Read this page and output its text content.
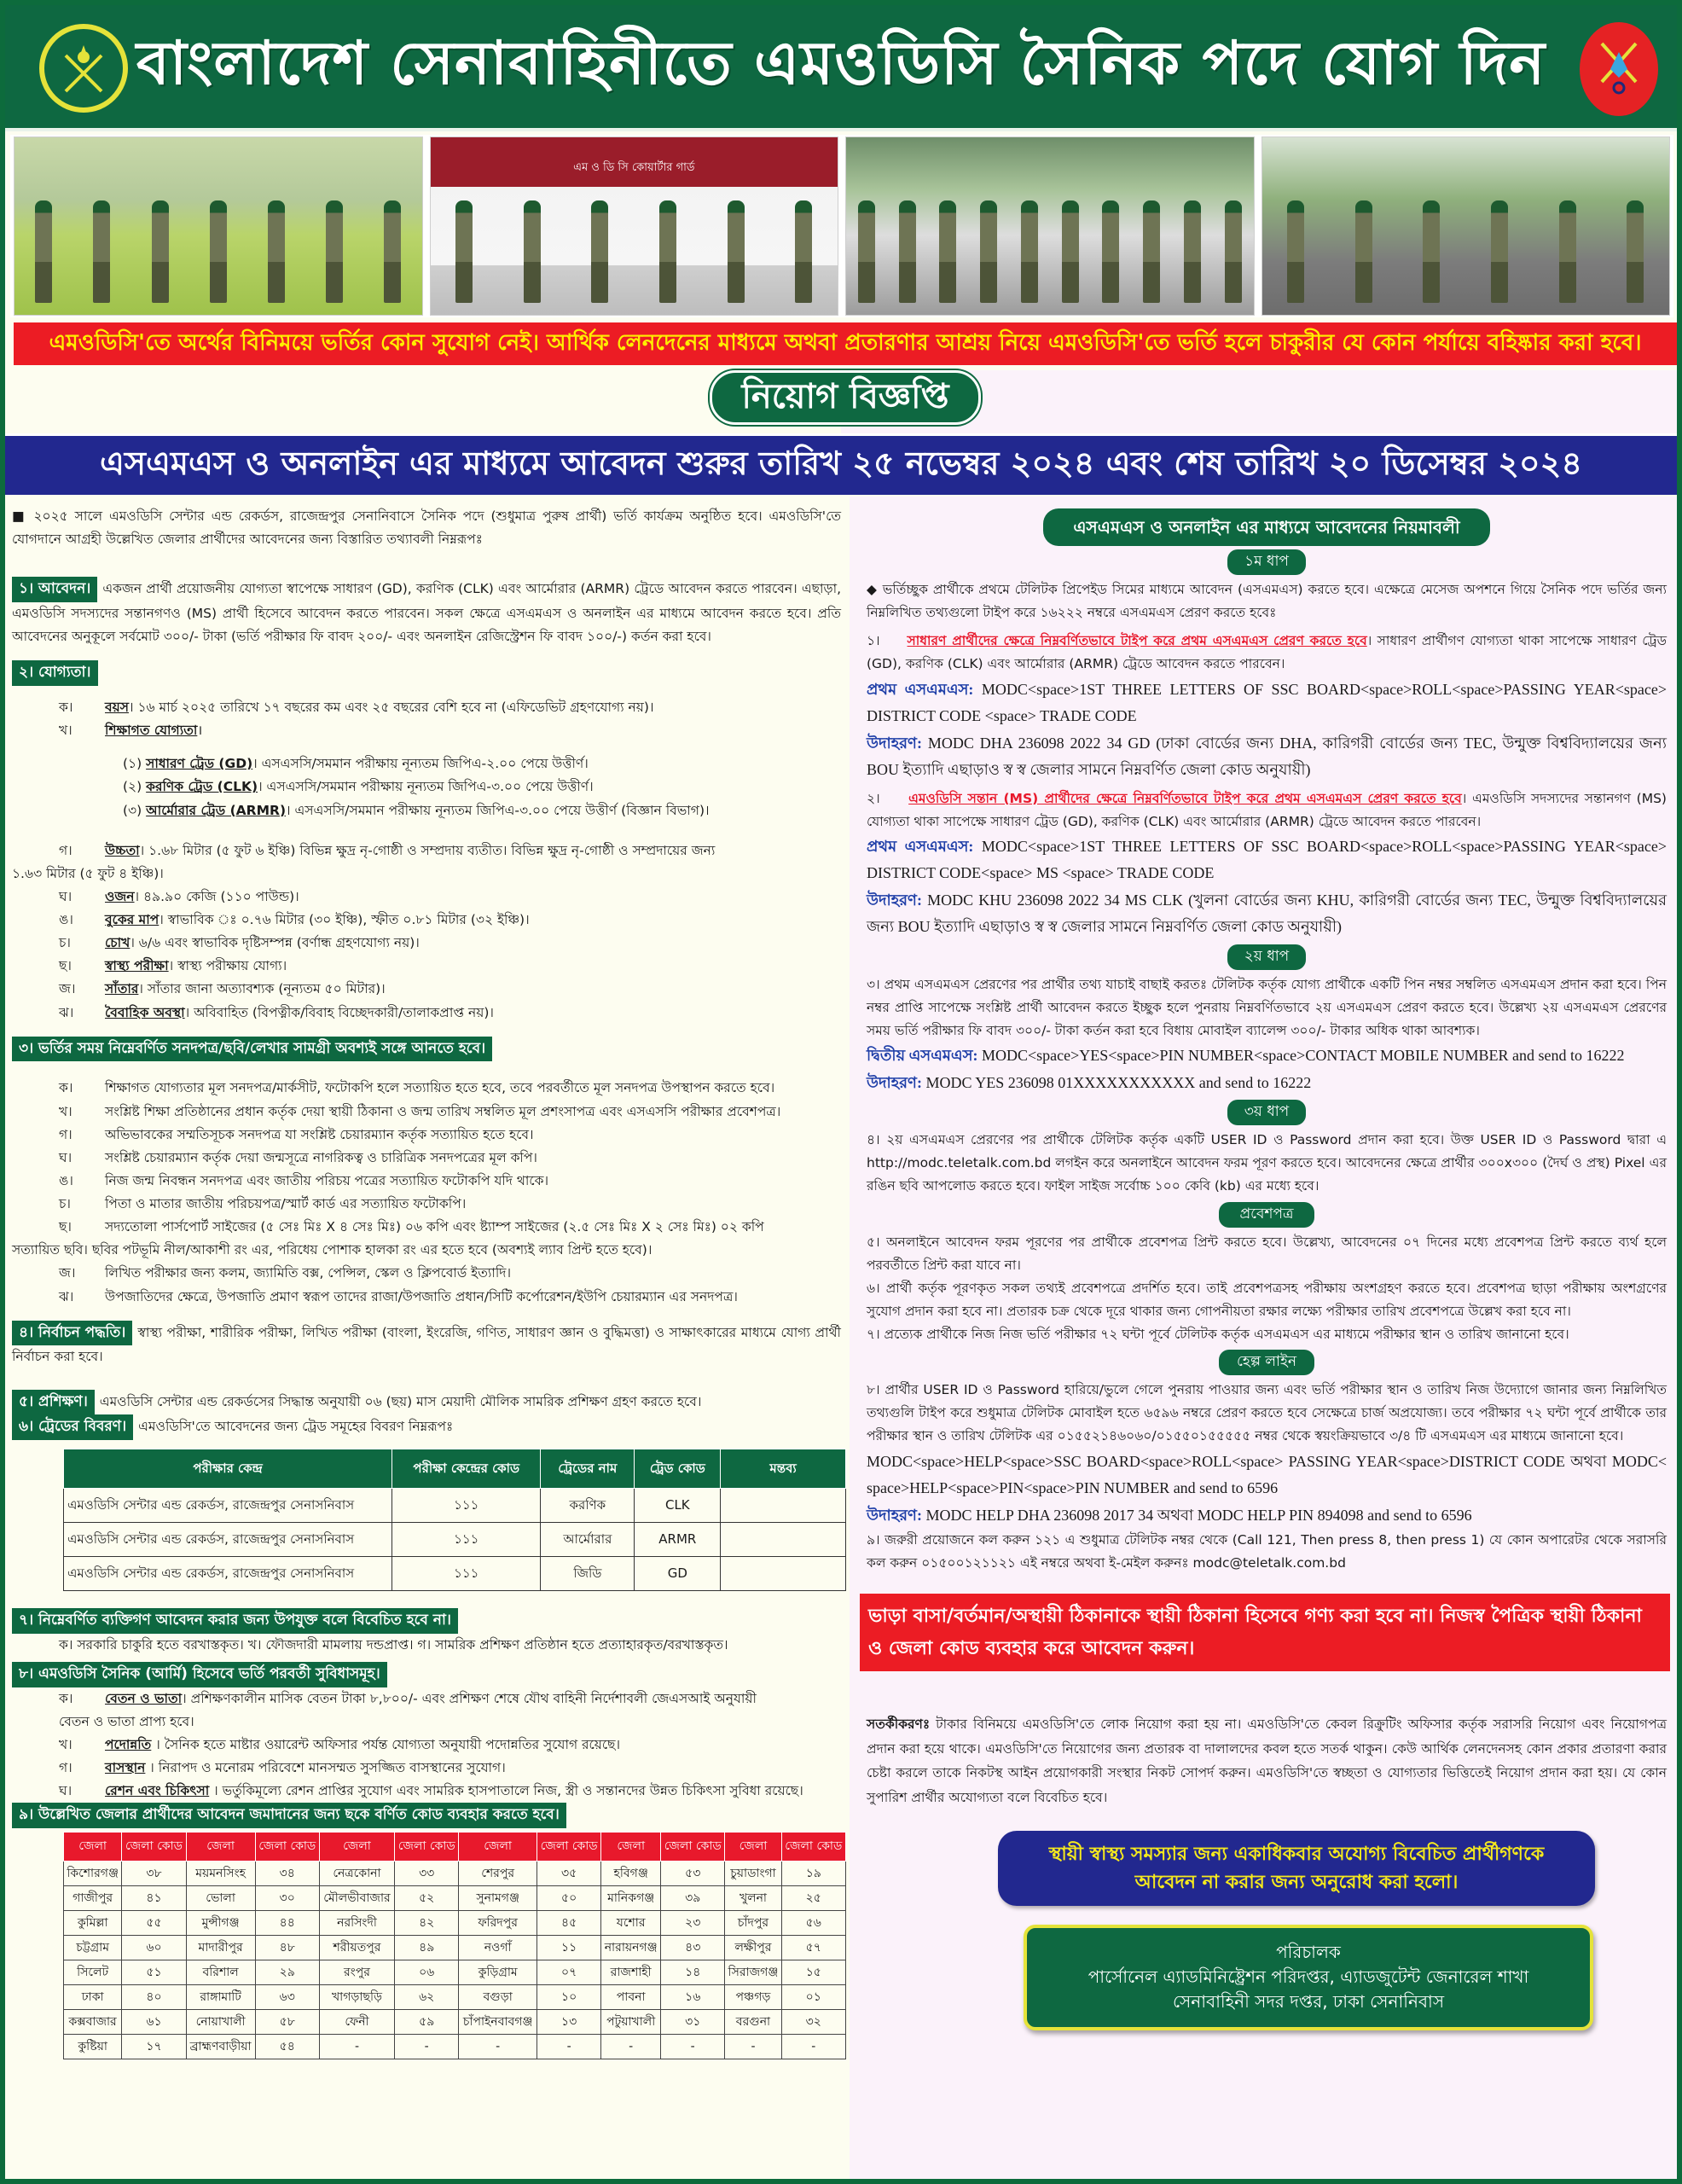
বাংলাদেশ সেনাবাহিনীতে এমওডিসি সৈনিক পদে যোগ দিন
এম ও ডি সি কোয়ার্টার গার্ড
এমওডিসি'তে অর্থের বিনিময়ে ভর্তির কোন সুযোগ নেই। আর্থিক লেনদেনের মাধ্যমে অথবা প্রতারণার আশ্রয় নিয়ে এমওডিসি'তে ভর্তি হলে চাকুরীর যে কোন পর্যায়ে বহিষ্কার করা হবে।
নিয়োগ বিজ্ঞপ্তি
এসএমএস ও অনলাইন এর মাধ্যমে আবেদন শুরুর তারিখ ২৫ নভেম্বর ২০২৪ এবং শেষ তারিখ ২০ ডিসেম্বর ২০২৪

■ ২০২৫ সালে এমওডিসি সেন্টার এন্ড রেকর্ডস, রাজেন্দ্রপুর সেনানিবাসে সৈনিক পদে (শুধুমাত্র পুরুষ প্রার্থী) ভর্তি কার্যক্রম অনুষ্ঠিত হবে। এমওডিসি'তে যোগদানে আগ্রহী উল্লেখিত জেলার প্রার্থীদের আবেদনের জন্য বিস্তারিত তথ্যাবলী নিম্নরূপঃ

১। আবেদন। একজন প্রার্থী প্রয়োজনীয় যোগ্যতা স্বাপেক্ষে সাধারণ (GD), করণিক (CLK) এবং আর্মোরার (ARMR) ট্রেডে আবেদন করতে পারবেন। এছাড়া, এমওডিসি সদস্যদের সন্তানগণও (MS) প্রার্থী হিসেবে আবেদন করতে পারবেন। সকল ক্ষেত্রে এসএমএস ও অনলাইন এর মাধ্যমে আবেদন করতে হবে। প্রতি আবেদনের অনুকূলে সর্বমোট ৩০০/- টাকা (ভর্তি পরীক্ষার ফি বাবদ ২০০/- এবং অনলাইন রেজিস্ট্রেশন ফি বাবদ ১০০/-) কর্তন করা হবে।

২। যোগ্যতা।
ক।	বয়স। ১৬ মার্চ ২০২৫ তারিখে ১৭ বছরের কম এবং ২৫ বছরের বেশি হবে না (এফিডেভিট গ্রহণযোগ্য নয়)।
খ।	শিক্ষাগত যোগ্যতা।
(১) সাধারণ ট্রেড (GD)। এসএসসি/সমমান পরীক্ষায় নূন্যতম জিপিএ-২.০০ পেয়ে উত্তীর্ণ।
(২) করণিক ট্রেড (CLK)। এসএসসি/সমমান পরীক্ষায় নূন্যতম জিপিএ-৩.০০ পেয়ে উত্তীর্ণ।
(৩) আর্মোরার ট্রেড (ARMR)। এসএসসি/সমমান পরীক্ষায় নূন্যতম জিপিএ-৩.০০ পেয়ে উত্তীর্ণ (বিজ্ঞান বিভাগ)।
গ।	উচ্চতা। ১.৬৮ মিটার (৫ ফুট ৬ ইঞ্চি) বিভিন্ন ক্ষুদ্র নৃ-গোষ্ঠী ও সম্প্রদায় ব্যতীত। বিভিন্ন ক্ষুদ্র নৃ-গোষ্ঠী ও সম্প্রদায়ের জন্য
১.৬৩ মিটার (৫ ফুট ৪ ইঞ্চি)।
ঘ।	ওজন। ৪৯.৯০ কেজি (১১০ পাউন্ড)।
ঙ।	বুকের মাপ। স্বাভাবিক ঃ ০.৭৬ মিটার (৩০ ইঞ্চি), স্ফীত ০.৮১ মিটার (৩২ ইঞ্চি)।
চ।	চোখ। ৬/৬ এবং স্বাভাবিক দৃষ্টিসম্পন্ন (বর্ণান্ধ গ্রহণযোগ্য নয়)।
ছ।	স্বাস্থ্য পরীক্ষা। স্বাস্থ্য পরীক্ষায় যোগ্য।
জ।	সাঁতার। সাঁতার জানা অত্যাবশ্যক (নূন্যতম ৫০ মিটার)।
ঝ।	বৈবাহিক অবস্থা। অবিবাহিত (বিপত্নীক/বিবাহ বিচ্ছেদকারী/তালাকপ্রাপ্ত নয়)।
৩। ভর্তির সময় নিম্নেবর্ণিত সনদপত্র/ছবি/লেখার সামগ্রী অবশ্যই সঙ্গে আনতে হবে।
ক।	শিক্ষাগত যোগ্যতার মূল সনদপত্র/মার্কসীট, ফটোকপি হলে সত্যায়িত হতে হবে, তবে পরবর্তীতে মূল সনদপত্র উপস্থাপন করতে হবে।
খ।	সংশ্লিষ্ট শিক্ষা প্রতিষ্ঠানের প্রধান কর্তৃক দেয়া স্থায়ী ঠিকানা ও জন্ম তারিখ সম্বলিত মূল প্রশংসাপত্র এবং এসএসসি পরীক্ষার প্রবেশপত্র।
গ।	অভিভাবকের সম্মতিসূচক সনদপত্র যা সংশ্লিষ্ট চেয়ারম্যান কর্তৃক সত্যায়িত হতে হবে।
ঘ।	সংশ্লিষ্ট চেয়ারম্যান কর্তৃক দেয়া জন্মসূত্রে নাগরিকত্ব ও চারিত্রিক সনদপত্রের মূল কপি।
ঙ।	নিজ জন্ম নিবন্ধন সনদপত্র এবং জাতীয় পরিচয় পত্রের সত্যায়িত ফটোকপি যদি থাকে।
চ।	পিতা ও মাতার জাতীয় পরিচয়পত্র/স্মার্ট কার্ড এর সত্যায়িত ফটোকপি।
ছ।	সদ্যতোলা পার্সপোর্ট সাইজের (৫ সেঃ মিঃ X ৪ সেঃ মিঃ) ০৬ কপি এবং ষ্ট্যাম্প সাইজের (২.৫ সেঃ মিঃ X ২ সেঃ মিঃ) ০২ কপি
সত্যায়িত ছবি। ছবির পটভূমি নীল/আকাশী রং এর, পরিধেয় পোশাক হালকা রং এর হতে হবে (অবশ্যই ল্যাব প্রিন্ট হতে হবে)।
জ।	লিখিত পরীক্ষার জন্য কলম, জ্যামিতি বক্স, পেন্সিল, স্কেল ও ক্লিপবোর্ড ইত্যাদি।
ঝ।	উপজাতিদের ক্ষেত্রে, উপজাতি প্রমাণ স্বরূপ তাদের রাজা/উপজাতি প্রধান/সিটি কর্পোরেশন/ইউপি চেয়ারম্যান এর সনদপত্র।

৪। নির্বাচন পদ্ধতি। স্বাস্থ্য পরীক্ষা, শারীরিক পরীক্ষা, লিখিত পরীক্ষা (বাংলা, ইংরেজি, গণিত, সাধারণ জ্ঞান ও বুদ্ধিমত্তা) ও সাক্ষাৎকারের মাধ্যমে যোগ্য প্রার্থী নির্বাচন করা হবে।

৫। প্রশিক্ষণ। এমওডিসি সেন্টার এন্ড রেকর্ডসের সিদ্ধান্ত অনুযায়ী ০৬ (ছয়) মাস মেয়াদী মৌলিক সামরিক প্রশিক্ষণ গ্রহণ করতে হবে।

৬। ট্রেডের বিবরণ। এমওডিসি'তে আবেদনের জন্য ট্রেড সমূহের বিবরণ নিম্নরূপঃ

পরীক্ষার কেন্দ্র	পরীক্ষা কেন্দ্রের কোড	ট্রেডের নাম	ট্রেড কোড	মন্তব্য
এমওডিসি সেন্টার এন্ড রেকর্ডস, রাজেন্দ্রপুর সেনাসনিবাস	১১১	করণিক	CLK	
এমওডিসি সেন্টার এন্ড রেকর্ডস, রাজেন্দ্রপুর সেনাসনিবাস	১১১	আর্মোরার	ARMR	
এমওডিসি সেন্টার এন্ড রেকর্ডস, রাজেন্দ্রপুর সেনাসনিবাস	১১১	জিডি	GD	
৭। নিম্নেবর্ণিত ব্যক্তিগণ আবেদন করার জন্য উপযুক্ত বলে বিবেচিত হবে না।
ক। সরকারি চাকুরি হতে বরখাস্তকৃত। খ। ফৌজদারী মামলায় দন্ডপ্রাপ্ত। গ। সামরিক প্রশিক্ষণ প্রতিষ্ঠান হতে প্রত্যাহারকৃত/বরখাস্তকৃত।
৮। এমওডিসি সৈনিক (আর্মি) হিসেবে ভর্তি পরবর্তী সুবিধাসমূহ।
ক।	বেতন ও ভাতা। প্রশিক্ষণকালীন মাসিক বেতন টাকা ৮,৮০০/- এবং প্রশিক্ষণ শেষে যৌথ বাহিনী নির্দেশাবলী জেএসআই অনুযায়ী
বেতন ও ভাতা প্রাপ্য হবে।
খ।	পদোন্নতি । সৈনিক হতে মাষ্টার ওয়ারেন্ট অফিসার পর্যন্ত যোগ্যতা অনুযায়ী পদোন্নতির সুযোগ রয়েছে।
গ।	বাসস্থান । নিরাপদ ও মনোরম পরিবেশে মানসম্মত সুসজ্জিত বাসস্থানের সুযোগ।
ঘ।	রেশন এবং চিকিৎসা । ভর্তুকিমূল্যে রেশন প্রাপ্তির সুযোগ এবং সামরিক হাসপাতালে নিজ, স্ত্রী ও সন্তানদের উন্নত চিকিৎসা সুবিধা রয়েছে।
৯। উল্লেখিত জেলার প্রার্থীদের আবেদন জমাদানের জন্য ছকে বর্ণিত কোড ব্যবহার করতে হবে।
জেলা	জেলা কোড	জেলা	জেলা কোড	জেলা	জেলা কোড	জেলা	জেলা কোড	জেলা	জেলা কোড	জেলা	জেলা কোড
কিশোরগঞ্জ	৩৮	ময়মনসিংহ	৩৪	নেত্রকোনা	৩৩	শেরপুর	৩৫	হবিগঞ্জ	৫৩	চুয়াডাংগা	১৯
গাজীপুর	৪১	ভোলা	৩০	মৌলভীবাজার	৫২	সুনামগঞ্জ	৫০	মানিকগঞ্জ	৩৯	খুলনা	২৫
কুমিল্লা	৫৫	মুন্সীগঞ্জ	৪৪	নরসিংদী	৪২	ফরিদপুর	৪৫	যশোর	২৩	চাঁদপুর	৫৬
চট্টগ্রাম	৬০	মাদারীপুর	৪৮	শরীয়তপুর	৪৯	নওগাঁ	১১	নারায়নগঞ্জ	৪৩	লক্ষীপুর	৫৭
সিলেট	৫১	বরিশাল	২৯	রংপুর	০৬	কুড়িগ্রাম	০৭	রাজশাহী	১৪	সিরাজগঞ্জ	১৫
ঢাকা	৪০	রাঙ্গামাটি	৬৩	খাগড়াছড়ি	৬২	বগুড়া	১০	পাবনা	১৬	পঞ্চগড়	০১
কক্সবাজার	৬১	নোয়াখালী	৫৮	ফেনী	৫৯	চাঁপাইনবাবগঞ্জ	১৩	পটুয়াখালী	৩১	বরগুনা	৩২
কুষ্টিয়া	১৭	ব্রাহ্মণবাড়ীয়া	৫৪	-	-	-	-	-	-	-	-
এসএমএস ও অনলাইন এর মাধ্যমে আবেদনের নিয়মাবলী
১ম ধাপ

◆ ভর্তিচ্ছুক প্রার্থীকে প্রথমে টেলিটক প্রিপেইড সিমের মাধ্যমে আবেদন (এসএমএস) করতে হবে। এক্ষেত্রে মেসেজ অপশনে গিয়ে সৈনিক পদে ভর্তির জন্য নিম্নলিখিত তথ্যগুলো টাইপ করে ১৬২২২ নম্বরে এসএমএস প্রেরণ করতে হবেঃ

১। সাধারণ প্রার্থীদের ক্ষেত্রে নিম্নবর্ণিতভাবে টাইপ করে প্রথম এসএমএস প্রেরণ করতে হবে। সাধারণ প্রার্থীগণ যোগ্যতা থাকা সাপেক্ষে সাধারণ ট্রেড (GD), করণিক (CLK) এবং আর্মোরার (ARMR) ট্রেডে আবেদন করতে পারবেন।

প্রথম এসএমএস: MODC<space>1ST THREE LETTERS OF SSC BOARD<space>ROLL<space>PASSING YEAR<space> DISTRICT CODE <space> TRADE CODE

উদাহরণ: MODC DHA 236098 2022 34 GD (ঢাকা বোর্ডের জন্য DHA, কারিগরী বোর্ডের জন্য TEC, উন্মুক্ত বিশ্ববিদ্যালয়ের জন্য BOU ইত্যাদি এছাড়াও স্ব স্ব জেলার সামনে নিম্নবর্ণিত জেলা কোড অনুযায়ী)

২। এমওডিসি সন্তান (MS) প্রার্থীদের ক্ষেত্রে নিম্নবর্ণিতভাবে টাইপ করে প্রথম এসএমএস প্রেরণ করতে হবে। এমওডিসি সদস্যদের সন্তানগণ (MS) যোগ্যতা থাকা সাপেক্ষে সাধারণ ট্রেড (GD), করণিক (CLK) এবং আর্মোরার (ARMR) ট্রেডে আবেদন করতে পারবেন।

প্রথম এসএমএস: MODC<space>1ST THREE LETTERS OF SSC BOARD<space>ROLL<space>PASSING YEAR<space> DISTRICT CODE<space> MS <space> TRADE CODE

উদাহরণ: MODC KHU 236098 2022 34 MS CLK (খুলনা বোর্ডের জন্য KHU, কারিগরী বোর্ডের জন্য TEC, উন্মুক্ত বিশ্ববিদ্যালয়ের জন্য BOU ইত্যাদি এছাড়াও স্ব স্ব জেলার সামনে নিম্নবর্ণিত জেলা কোড অনুযায়ী)

২য় ধাপ

৩। প্রথম এসএমএস প্রেরণের পর প্রার্থীর তথ্য যাচাই বাছাই করতঃ টেলিটক কর্তৃক যোগ্য প্রার্থীকে একটি পিন নম্বর সম্বলিত এসএমএস প্রদান করা হবে। পিন নম্বর প্রাপ্তি সাপেক্ষে সংশ্লিষ্ট প্রার্থী আবেদন করতে ইচ্ছুক হলে পুনরায় নিম্নবর্ণিতভাবে ২য় এসএমএস প্রেরণ করতে হবে। উল্লেখ্য ২য় এসএমএস প্রেরণের সময় ভর্তি পরীক্ষার ফি বাবদ ৩০০/- টাকা কর্তন করা হবে বিধায় মোবাইল ব্যালেন্স ৩০০/- টাকার অধিক থাকা আবশ্যক।

দ্বিতীয় এসএমএস: MODC<space>YES<space>PIN NUMBER<space>CONTACT MOBILE NUMBER and send to 16222

উদাহরণ: MODC YES 236098 01XXXXXXXXXXX and send to 16222

৩য় ধাপ

৪। ২য় এসএমএস প্রেরণের পর প্রার্থীকে টেলিটক কর্তৃক একটি USER ID ও Password প্রদান করা হবে। উক্ত USER ID ও Password দ্বারা এ http://modc.teletalk.com.bd লগইন করে অনলাইনে আবেদন ফরম পূরণ করতে হবে। আবেদনের ক্ষেত্রে প্রার্থীর ৩০০x৩০০ (দৈর্ঘ ও প্রস্থ) Pixel এর রঙিন ছবি আপলোড করতে হবে। ফাইল সাইজ সর্বোচ্চ ১০০ কেবি (kb) এর মধ্যে হবে।

প্রবেশপত্র

৫। অনলাইনে আবেদন ফরম পূরণের পর প্রার্থীকে প্রবেশপত্র প্রিন্ট করতে হবে। উল্লেখ্য, আবেদনের ০৭ দিনের মধ্যে প্রবেশপত্র প্রিন্ট করতে ব্যর্থ হলে পরবর্তীতে প্রিন্ট করা যাবে না।

৬। প্রার্থী কর্তৃক পূরণকৃত সকল তথ্যই প্রবেশপত্রে প্রদর্শিত হবে। তাই প্রবেশপত্রসহ পরীক্ষায় অংশগ্রহণ করতে হবে। প্রবেশপত্র ছাড়া পরীক্ষায় অংশগ্রণের সুযোগ প্রদান করা হবে না। প্রতারক চক্র থেকে দূরে থাকার জন্য গোপনীয়তা রক্ষার লক্ষ্যে পরীক্ষার তারিখ প্রবেশপত্রে উল্লেখ করা হবে না।

৭। প্রত্যেক প্রার্থীকে নিজ নিজ ভর্তি পরীক্ষার ৭২ ঘন্টা পূর্বে টেলিটক কর্তৃক এসএমএস এর মাধ্যমে পরীক্ষার স্থান ও তারিখ জানানো হবে।

হেল্প লাইন

৮। প্রার্থীর USER ID ও Password হারিয়ে/ভুলে গেলে পুনরায় পাওয়ার জন্য এবং ভর্তি পরীক্ষার স্থান ও তারিখ নিজ উদ্যোগে জানার জন্য নিম্নলিখিত তথ্যগুলি টাইপ করে শুধুমাত্র টেলিটক মোবাইল হতে ৬৫৯৬ নম্বরে প্রেরণ করতে হবে সেক্ষেত্রে চার্জ অপ্রযোজ্য। তবে পরীক্ষার ৭২ ঘন্টা পূর্বে প্রার্থীকে তার পরীক্ষার স্থান ও তারিখ টেলিটক এর ০১৫৫২১৪৬০৬০/০১৫৫০১৫৫৫৫৫ নম্বর থেকে স্বয়ংক্রিয়ভাবে ৩/৪ টি এসএমএস এর মাধ্যমে জানানো হবে।

MODC<space>HELP<space>SSC BOARD<space>ROLL<space> PASSING YEAR<space>DISTRICT CODE অথবা MODC< space>HELP<space>PIN<space>PIN NUMBER and send to 6596

উদাহরণ: MODC HELP DHA 236098 2017 34 অথবা MODC HELP PIN 894098 and send to 6596

৯। জরুরী প্রয়োজনে কল করুন ১২১ এ শুধুমাত্র টেলিটক নম্বর থেকে (Call 121, Then press 8, then press 1) যে কোন অপারেটর থেকে সরাসরি কল করুন ০১৫০০১২১১২১ এই নম্বরে অথবা ই-মেইল করুনঃ modc@teletalk.com.bd

ভাড়া বাসা/বর্তমান/অস্থায়ী ঠিকানাকে স্থায়ী ঠিকানা হিসেবে গণ্য করা হবে না। নিজস্ব পৈত্রিক স্থায়ী ঠিকানা ও জেলা কোড ব্যবহার করে আবেদন করুন।

সতর্কীকরণঃ টাকার বিনিময়ে এমওডিসি'তে লোক নিয়োগ করা হয় না। এমওডিসি'তে কেবল রিক্রুটিং অফিসার কর্তৃক সরাসরি নিয়োগ এবং নিয়োগপত্র প্রদান করা হয়ে থাকে। এমওডিসি'তে নিয়োগের জন্য প্রতারক বা দালালদের কবল হতে সতর্ক থাকুন। কেউ আর্থিক লেনদেনসহ কোন প্রকার প্রতারণা করার চেষ্টা করলে তাকে নিকটস্থ আইন প্রয়োগকারী সংস্থার নিকট সোপর্দ করুন। এমওডিসি'তে স্বচ্ছতা ও যোগ্যতার ভিত্তিতেই নিয়োগ প্রদান করা হয়। যে কোন সুপারিশ প্রার্থীর অযোগ্যতা বলে বিবেচিত হবে।

স্থায়ী স্বাস্থ্য সমস্যার জন্য একাধিকবার অযোগ্য বিবেচিত প্রার্থীগণকে
আবেদন না করার জন্য অনুরোধ করা হলো।
পরিচালক
পার্সোনেল এ্যাডমিনিষ্ট্রেশন পরিদপ্তর, এ্যাডজুটেন্ট জেনারেল শাখা
সেনাবাহিনী সদর দপ্তর, ঢাকা সেনানিবাস
